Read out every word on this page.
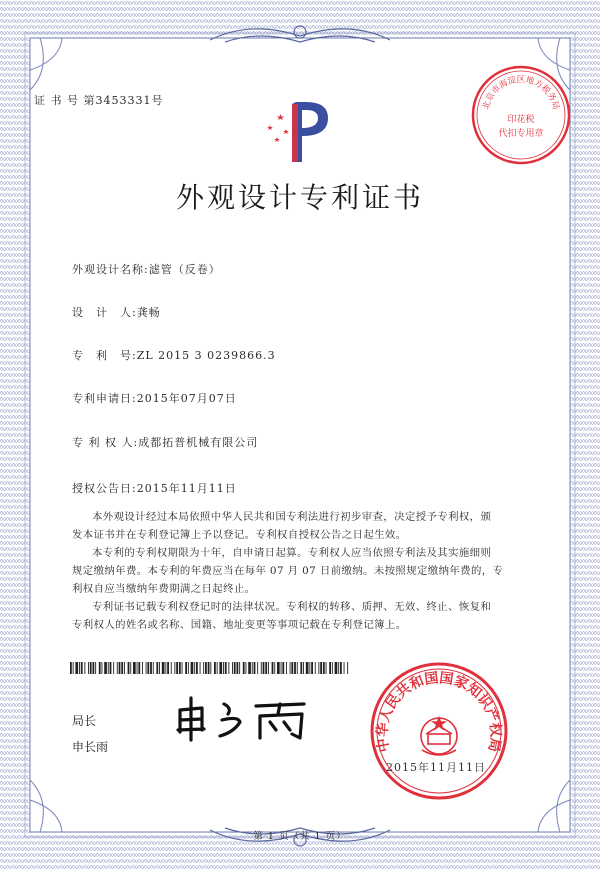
证 书 号 第3453331号	北京市海淀区地方税务局
印花税
代扣专用章
外观设计专利证书
外观设计名称:滤管（反卷）
设　计　人:龚畅
专　利　号:ZL 2015 3 0239866.3
专利申请日:2015年07月07日
专 利 权 人:成都拓普机械有限公司
授权公告日:2015年11月11日
本外观设计经过本局依照中华人民共和国专利法进行初步审查，决定授予专利权，颁
发本证书并在专利登记簿上予以登记。专利权自授权公告之日起生效。
本专利的专利权期限为十年，自申请日起算。专利权人应当依照专利法及其实施细则
规定缴纳年费。本专利的年费应当在每年 07 月 07 日前缴纳。未按照规定缴纳年费的，专
利权自应当缴纳年费期满之日起终止。
专利证书记载专利权登记时的法律状况。专利权的转移、质押、无效、终止、恢复和
专利权人的姓名或名称、国籍、地址变更等事项记载在专利登记簿上。
局长
申长雨	中华人民共和国国家知识产权局
2015年11月11日
第 1 页（共 1 页）
